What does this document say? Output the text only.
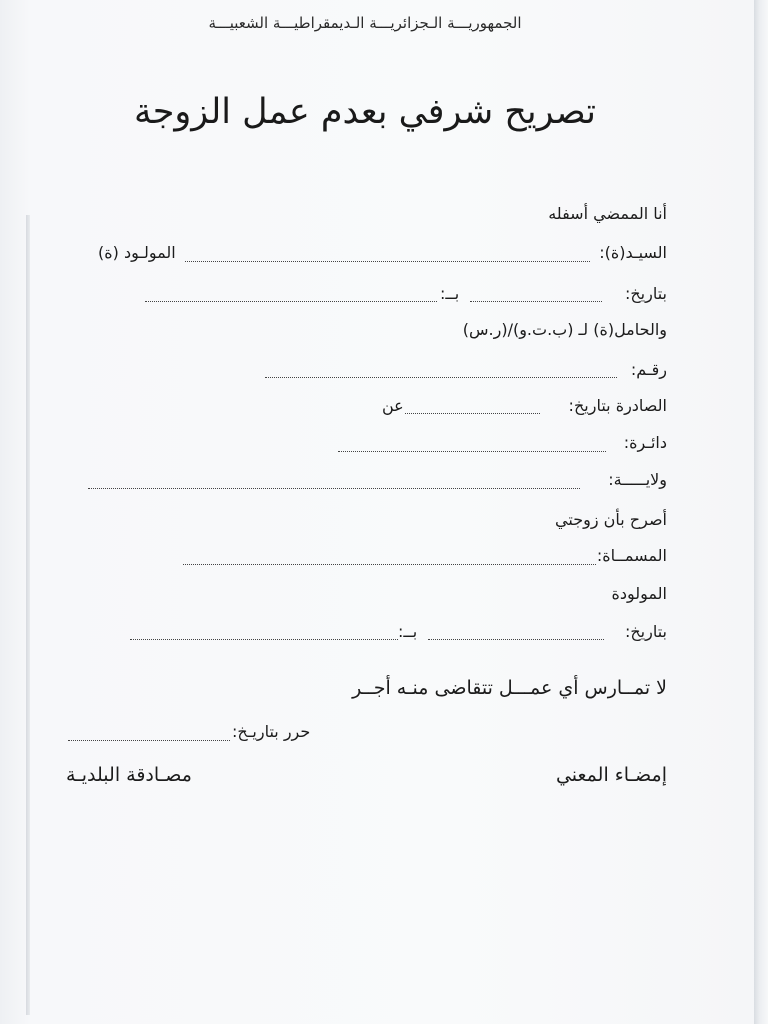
الجمهوريـــة الـجزائريـــة الـديمقراطيـــة الشعبيـــة
تصريح شرفي بعدم عمل الزوجة
أنا الممضي أسفله
السيـد(ة):
المولـود (ة)
بتاريخ:
بــ:
والحامل(ة) لـ (ب.ت.و)/(ر.س)
رقـم:
الصادرة بتاريخ:
عن
دائـرة:
ولايـــــة:
أصرح بأن زوجتي
المسمــاة:
المولودة
بتاريخ:
بــ:
لا تمــارس أي عمـــل تتقاضى منـه أجــر
حرر بتاريـخ:
إمضـاء المعني
مصـادقة البلديـة
